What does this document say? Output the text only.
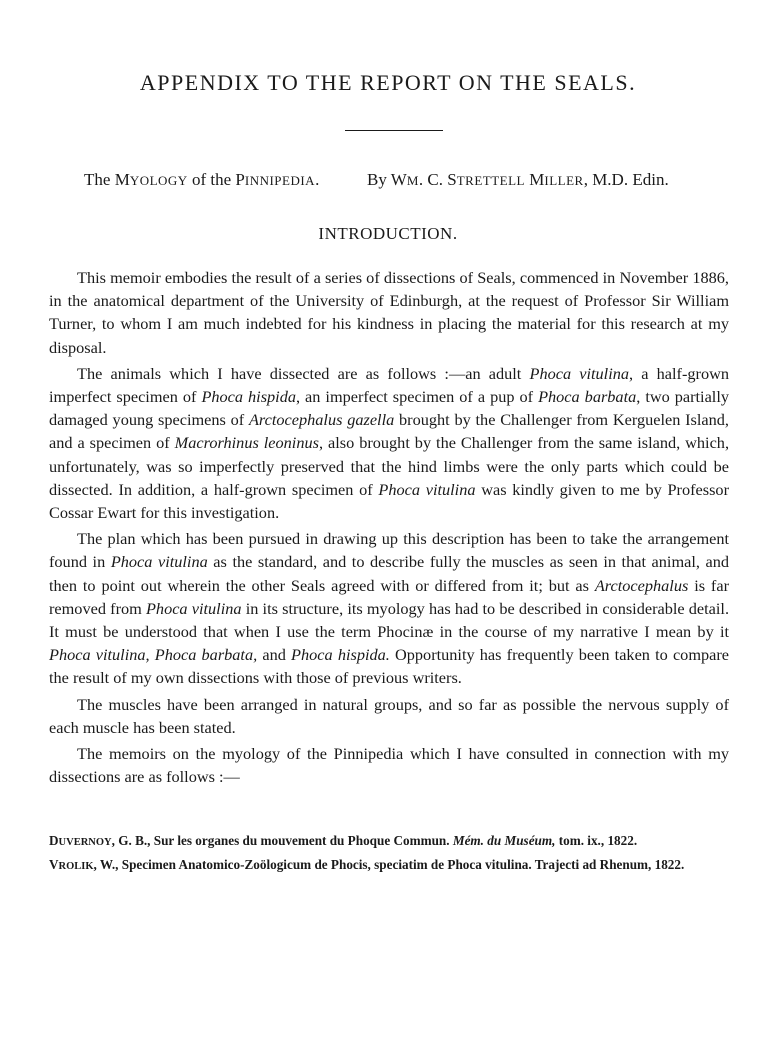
APPENDIX TO THE REPORT ON THE SEALS.
The MYOLOGY of the PINNIPEDIA.	By WM. C. STRETTELL MILLER, M.D. Edin.
INTRODUCTION.

This memoir embodies the result of a series of dissections of Seals, commenced in November 1886, in the anatomical department of the University of Edinburgh, at the request of Professor Sir William Turner, to whom I am much indebted for his kindness in placing the material for this research at my disposal.

The animals which I have dissected are as follows :—an adult Phoca vitulina, a half-grown imperfect specimen of Phoca hispida, an imperfect specimen of a pup of Phoca barbata, two partially damaged young specimens of Arctocephalus gazella brought by the Challenger from Kerguelen Island, and a specimen of Macrorhinus leoninus, also brought by the Challenger from the same island, which, unfortunately, was so imperfectly preserved that the hind limbs were the only parts which could be dissected. In addition, a half-grown specimen of Phoca vitulina was kindly given to me by Professor Cossar Ewart for this investigation.

The plan which has been pursued in drawing up this description has been to take the arrangement found in Phoca vitulina as the standard, and to describe fully the muscles as seen in that animal, and then to point out wherein the other Seals agreed with or differed from it; but as Arctocephalus is far removed from Phoca vitulina in its structure, its myology has had to be described in considerable detail. It must be understood that when I use the term Phocinæ in the course of my narrative I mean by it Phoca vitulina, Phoca barbata, and Phoca hispida. Opportunity has frequently been taken to compare the result of my own dissections with those of previous writers.

The muscles have been arranged in natural groups, and so far as possible the nervous supply of each muscle has been stated.

The memoirs on the myology of the Pinnipedia which I have consulted in connection with my dissections are as follows :—

DUVERNOY, G. B., Sur les organes du mouvement du Phoque Commun. Mém. du Muséum, tom. ix., 1822.
VROLIK, W., Specimen Anatomico-Zoölogicum de Phocis, speciatim de Phoca vitulina. Trajecti ad Rhenum, 1822.
